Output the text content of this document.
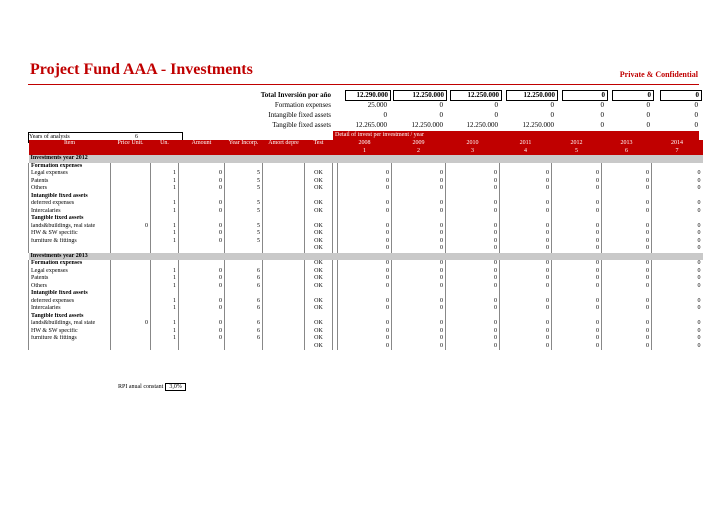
Project Fund AAA - Investments	Private & Confidential
Total Inversión por año	12.290.000	12.250.000	12.250.000	12.250.000	0	0	0
Formation expenses	25.000	0	0	0	0	0	0
Intangible fixed assets	0	0	0	0	0	0	0
Tangible fixed assets	12.265.000	12.250.000	12.250.000	12.250.000	0	0	0
Years of analysis	6	Detail of invest per investment / year
Item	Price Unit.	Un.	Amount	Year Incorp.	Amort depre	Test		2008	2009	2010	2011	2012	2013	2014
								1	2	3	4	5	6	7
Investments year 2012														
Formation expenses														
Legal expenses		1	0	5		OK		0	0	0	0	0	0	0
Patents		1	0	5		OK		0	0	0	0	0	0	0
Others		1	0	5		OK		0	0	0	0	0	0	0
Intangible fixed assets														
deferred expenses		1	0	5		OK		0	0	0	0	0	0	0
Intercalaries		1	0	5		OK		0	0	0	0	0	0	0
Tangible fixed assets														
lands&buildings, real state	0	1	0	5		OK		0	0	0	0	0	0	0
HW & SW specific		1	0	5		OK		0	0	0	0	0	0	0
furniture & fittings		1	0	5		OK		0	0	0	0	0	0	0
						OK		0	0	0	0	0	0	0
Investments year 2013														
Formation expenses						OK		0	0	0	0	0	0	0
Legal expenses		1	0	6		OK		0	0	0	0	0	0	0
Patents		1	0	6		OK		0	0	0	0	0	0	0
Others		1	0	6		OK		0	0	0	0	0	0	0
Intangible fixed assets														
deferred expenses		1	0	6		OK		0	0	0	0	0	0	0
Intercalaries		1	0	6		OK		0	0	0	0	0	0	0
Tangible fixed assets														
lands&buildings, real state	0	1	0	6		OK		0	0	0	0	0	0	0
HW & SW specific		1	0	6		OK		0	0	0	0	0	0	0
furniture & fittings		1	0	6		OK		0	0	0	0	0	0	0
						OK		0	0	0	0	0	0	0
RPI anual constant 3,0%
